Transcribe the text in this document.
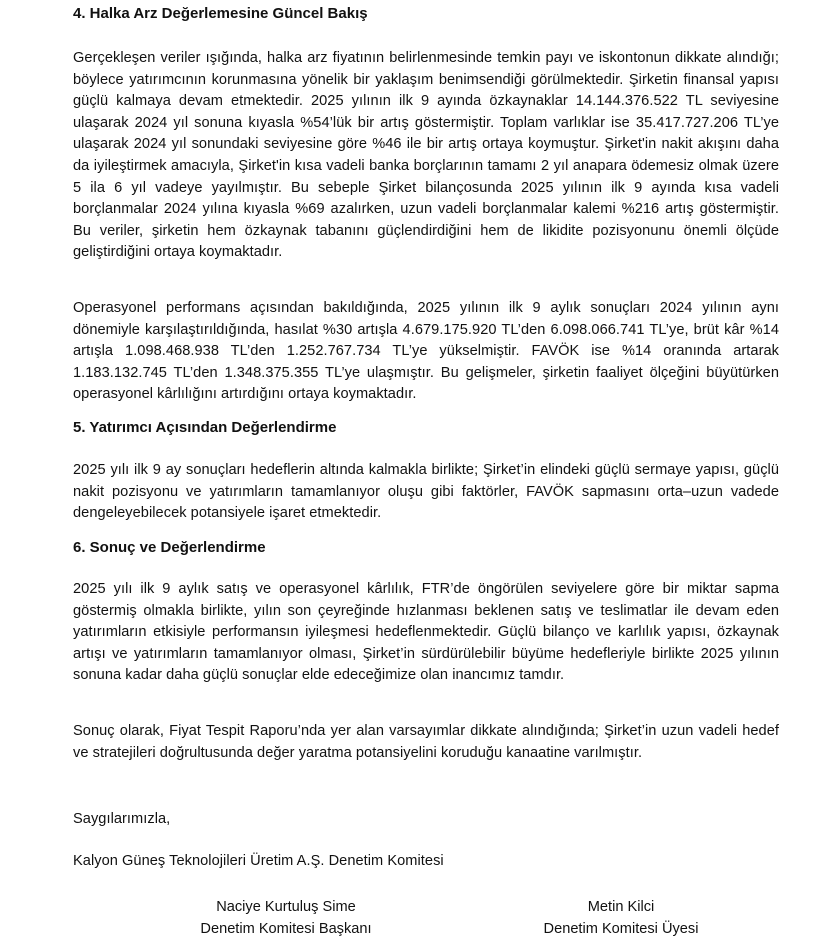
4. Halka Arz Değerlemesine Güncel Bakış

Gerçekleşen veriler ışığında, halka arz fiyatının belirlenmesinde temkin payı ve iskontonun dikkate alındığı; böylece yatırımcının korunmasına yönelik bir yaklaşım benimsendiği görülmektedir. Şirketin finansal yapısı güçlü kalmaya devam etmektedir. 2025 yılının ilk 9 ayında özkaynaklar 14.144.376.522 TL seviyesine ulaşarak 2024 yıl sonuna kıyasla %54’lük bir artış göstermiştir. Toplam varlıklar ise 35.417.727.206 TL’ye ulaşarak 2024 yıl sonundaki seviyesine göre %46 ile bir artış ortaya koymuştur. Şirket'in nakit akışını daha da iyileştirmek amacıyla, Şirket'in kısa vadeli banka borçlarının tamamı 2 yıl anapara ödemesiz olmak üzere 5 ila 6 yıl vadeye yayılmıştır. Bu sebeple Şirket bilançosunda 2025 yılının ilk 9 ayında kısa vadeli borçlanmalar 2024 yılına kıyasla %69 azalırken, uzun vadeli borçlanmalar kalemi %216 artış göstermiştir. Bu veriler, şirketin hem özkaynak tabanını güçlendirdiğini hem de likidite pozisyonunu önemli ölçüde geliştirdiğini ortaya koymaktadır.

Operasyonel performans açısından bakıldığında, 2025 yılının ilk 9 aylık sonuçları 2024 yılının aynı dönemiyle karşılaştırıldığında, hasılat %30 artışla 4.679.175.920 TL’den 6.098.066.741 TL’ye, brüt kâr %14 artışla 1.098.468.938 TL’den 1.252.767.734 TL’ye yükselmiştir. FAVÖK ise %14 oranında artarak 1.183.132.745 TL’den 1.348.375.355 TL’ye ulaşmıştır. Bu gelişmeler, şirketin faaliyet ölçeğini büyütürken operasyonel kârlılığını artırdığını ortaya koymaktadır.

5. Yatırımcı Açısından Değerlendirme

2025 yılı ilk 9 ay sonuçları hedeflerin altında kalmakla birlikte; Şirket’in elindeki güçlü sermaye yapısı, güçlü nakit pozisyonu ve yatırımların tamamlanıyor oluşu gibi faktörler, FAVÖK sapmasını orta–uzun vadede dengeleyebilecek potansiyele işaret etmektedir.

6. Sonuç ve Değerlendirme

2025 yılı ilk 9 aylık satış ve operasyonel kârlılık, FTR’de öngörülen seviyelere göre bir miktar sapma göstermiş olmakla birlikte, yılın son çeyreğinde hızlanması beklenen satış ve teslimatlar ile devam eden yatırımların etkisiyle performansın iyileşmesi hedeflenmektedir. Güçlü bilanço ve karlılık yapısı, özkaynak artışı ve yatırımların tamamlanıyor olması, Şirket’in sürdürülebilir büyüme hedefleriyle birlikte 2025 yılının sonuna kadar daha güçlü sonuçlar elde edeceğimize olan inancımız tamdır.

Sonuç olarak, Fiyat Tespit Raporu’nda yer alan varsayımlar dikkate alındığında; Şirket’in uzun vadeli hedef ve stratejileri doğrultusunda değer yaratma potansiyelini koruduğu kanaatine varılmıştır.

Saygılarımızla,

Kalyon Güneş Teknolojileri Üretim A.Ş. Denetim Komitesi

Naciye Kurtuluş Sime
Denetim Komitesi Başkanı
Metin Kilci
Denetim Komitesi Üyesi
